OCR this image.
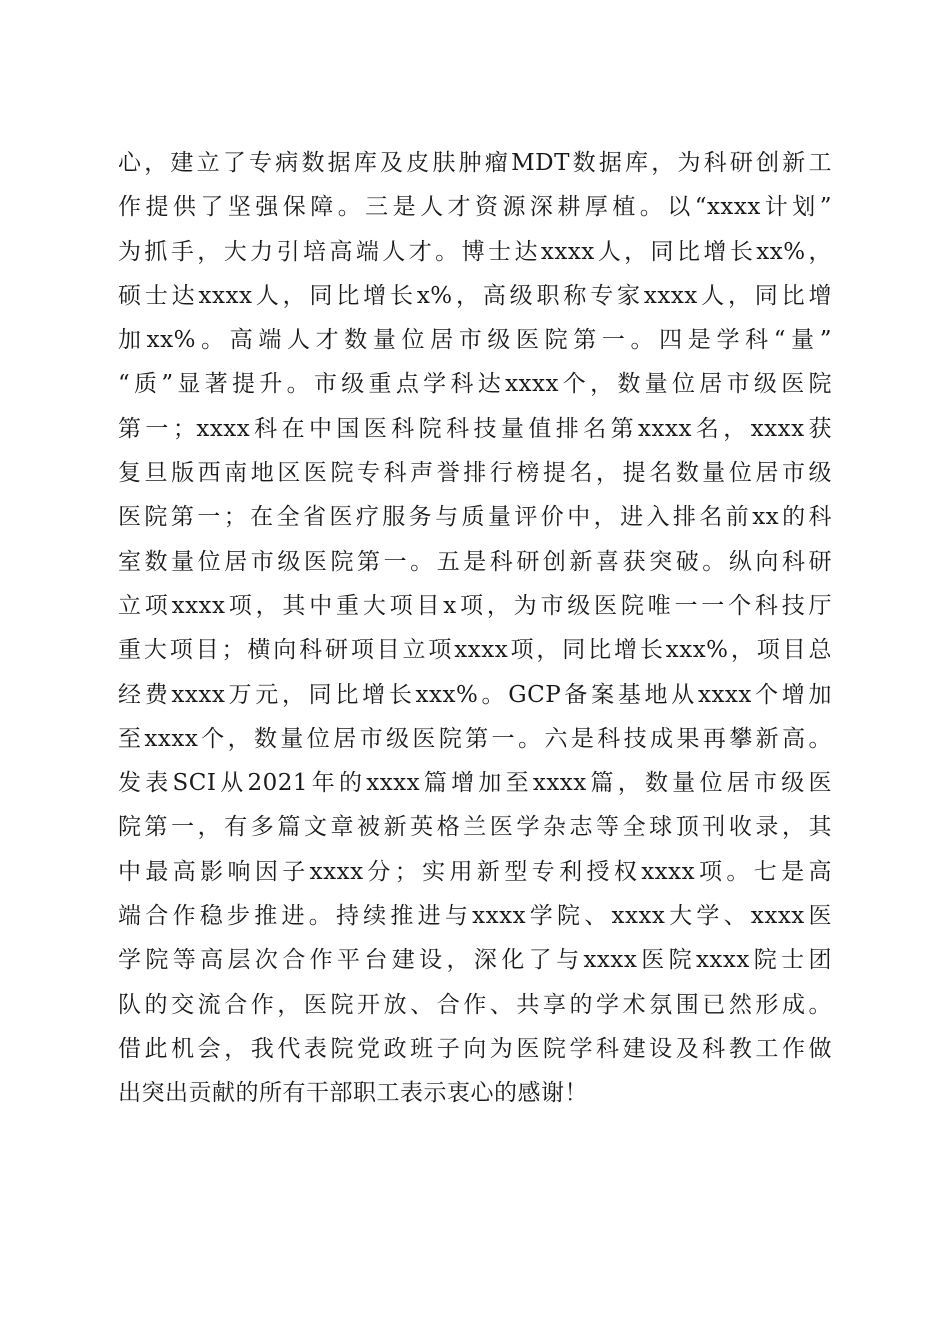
心，建立了专病数据库及皮肤肿瘤MDT数据库，为科研创新工
作提供了坚强保障。三是人才资源深耕厚植。以“xxxx计划”
为抓手，大力引培高端人才。博士达xxxx人，同比增长xx%，
硕士达xxxx人，同比增长x%，高级职称专家xxxx人，同比增
加xx%。高端人才数量位居市级医院第一。四是学科“量”
“质”显著提升。市级重点学科达xxxx个，数量位居市级医院
第一；xxxx科在中国医科院科技量值排名第xxxx名，xxxx获
复旦版西南地区医院专科声誉排行榜提名，提名数量位居市级
医院第一；在全省医疗服务与质量评价中，进入排名前xx的科
室数量位居市级医院第一。五是科研创新喜获突破。纵向科研
立项xxxx项，其中重大项目x项，为市级医院唯一一个科技厅
重大项目；横向科研项目立项xxxx项，同比增长xxx%，项目总
经费xxxx万元，同比增长xxx%。GCP备案基地从xxxx个增加
至xxxx个，数量位居市级医院第一。六是科技成果再攀新高。
发表SCI从2021年的xxxx篇增加至xxxx篇，数量位居市级医
院第一，有多篇文章被新英格兰医学杂志等全球顶刊收录，其
中最高影响因子xxxx分；实用新型专利授权xxxx项。七是高
端合作稳步推进。持续推进与xxxx学院、xxxx大学、xxxx医
学院等高层次合作平台建设，深化了与xxxx医院xxxx院士团
队的交流合作，医院开放、合作、共享的学术氛围已然形成。
借此机会，我代表院党政班子向为医院学科建设及科教工作做
出突出贡献的所有干部职工表示衷心的感谢！
